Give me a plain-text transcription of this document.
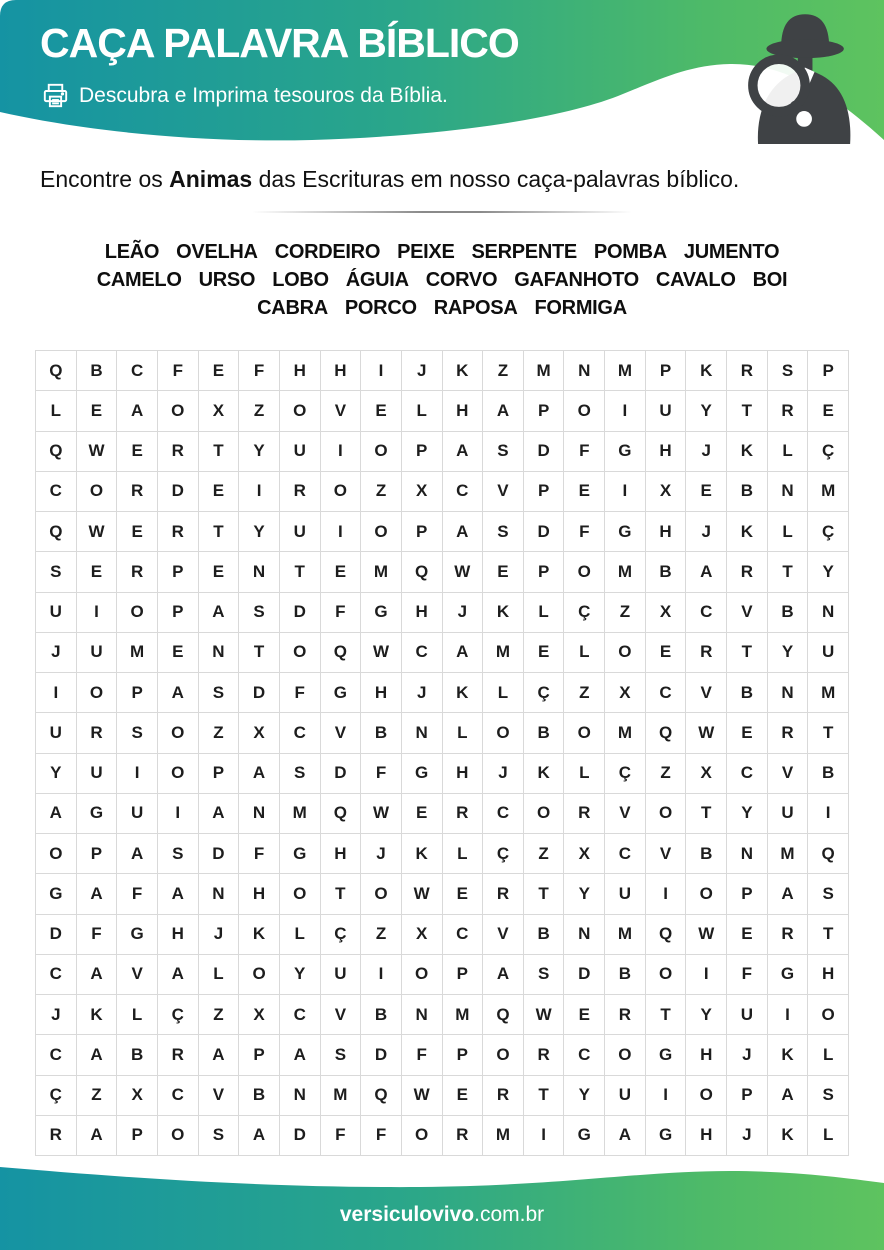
CAÇA PALAVRA BÍBLICO
Descubra e Imprima tesouros da Bíblia.
Encontre os Animas das Escrituras em nosso caça-palavras bíblico.
LEÃO OVELHA CORDEIRO PEIXE SERPENTE POMBA JUMENTO
CAMELO URSO LOBO ÁGUIA CORVO GAFANHOTO CAVALO BOI
CABRA PORCO RAPOSA FORMIGA
Q	B	C	F	E	F	H	H	I	J	K	Z	M	N	M	P	K	R	S	P
L	E	A	O	X	Z	O	V	E	L	H	A	P	O	I	U	Y	T	R	E
Q	W	E	R	T	Y	U	I	O	P	A	S	D	F	G	H	J	K	L	Ç
C	O	R	D	E	I	R	O	Z	X	C	V	P	E	I	X	E	B	N	M
Q	W	E	R	T	Y	U	I	O	P	A	S	D	F	G	H	J	K	L	Ç
S	E	R	P	E	N	T	E	M	Q	W	E	P	O	M	B	A	R	T	Y
U	I	O	P	A	S	D	F	G	H	J	K	L	Ç	Z	X	C	V	B	N
J	U	M	E	N	T	O	Q	W	C	A	M	E	L	O	E	R	T	Y	U
I	O	P	A	S	D	F	G	H	J	K	L	Ç	Z	X	C	V	B	N	M
U	R	S	O	Z	X	C	V	B	N	L	O	B	O	M	Q	W	E	R	T
Y	U	I	O	P	A	S	D	F	G	H	J	K	L	Ç	Z	X	C	V	B
A	G	U	I	A	N	M	Q	W	E	R	C	O	R	V	O	T	Y	U	I
O	P	A	S	D	F	G	H	J	K	L	Ç	Z	X	C	V	B	N	M	Q
G	A	F	A	N	H	O	T	O	W	E	R	T	Y	U	I	O	P	A	S
D	F	G	H	J	K	L	Ç	Z	X	C	V	B	N	M	Q	W	E	R	T
C	A	V	A	L	O	Y	U	I	O	P	A	S	D	B	O	I	F	G	H
J	K	L	Ç	Z	X	C	V	B	N	M	Q	W	E	R	T	Y	U	I	O
C	A	B	R	A	P	A	S	D	F	P	O	R	C	O	G	H	J	K	L
Ç	Z	X	C	V	B	N	M	Q	W	E	R	T	Y	U	I	O	P	A	S
R	A	P	O	S	A	D	F	F	O	R	M	I	G	A	G	H	J	K	L
versiculovivo.com.br
